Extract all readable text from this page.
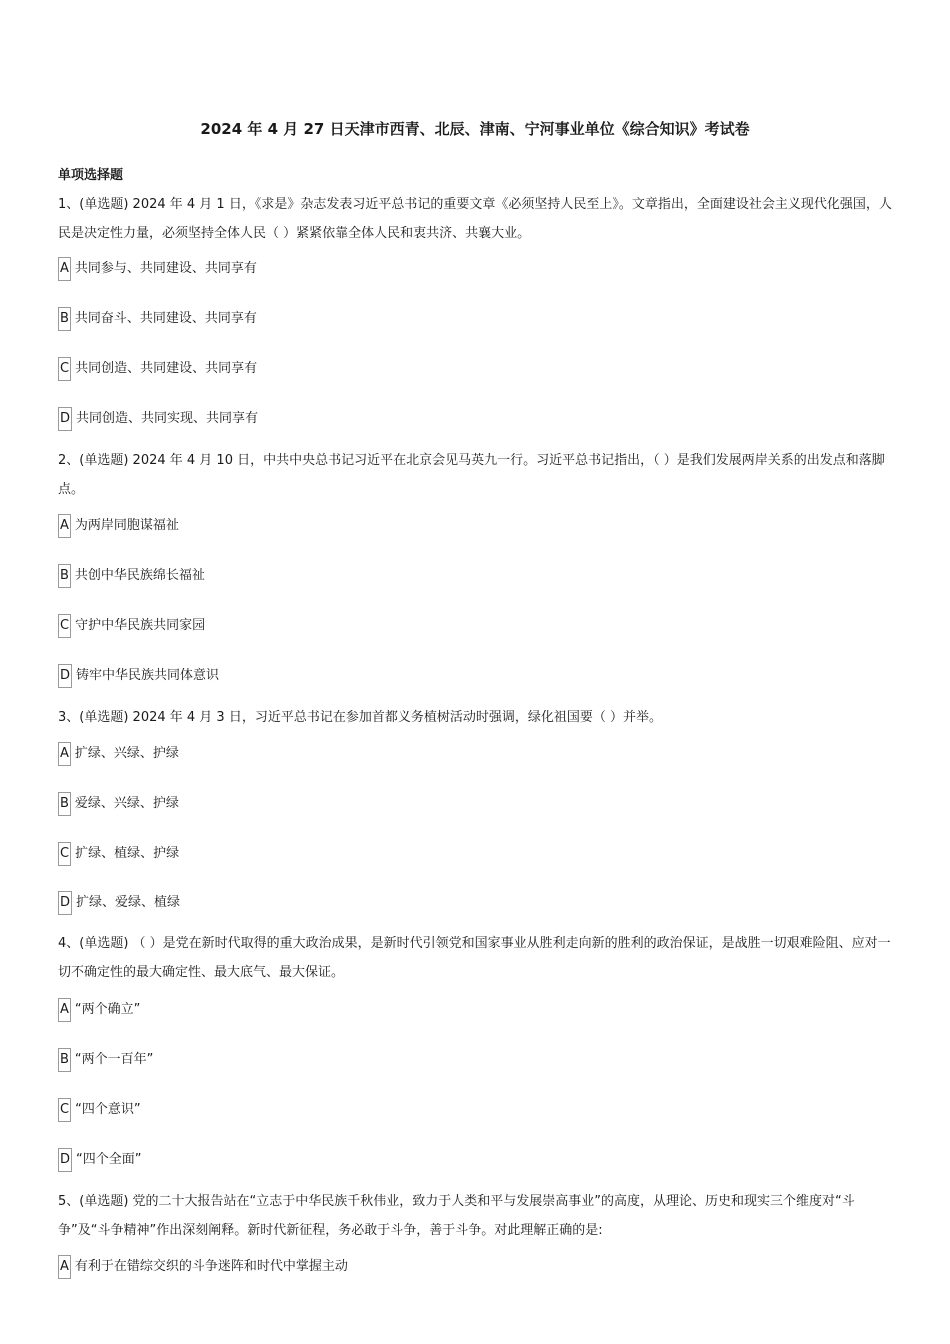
2024 年 4 月 27 日天津市西青、北辰、津南、宁河事业单位《综合知识》考试卷
单项选择题

1、(单选题) 2024 年 4 月 1 日，《求是》杂志发表习近平总书记的重要文章《必须坚持人民至上》。文章指出，全面建设社会主义现代化强国，人民是决定性力量，必须坚持全体人民（ ）紧紧依靠全体人民和衷共济、共襄大业。

A 共同参与、共同建设、共同享有
B 共同奋斗、共同建设、共同享有
C 共同创造、共同建设、共同享有
D 共同创造、共同实现、共同享有

2、(单选题) 2024 年 4 月 10 日，中共中央总书记习近平在北京会见马英九一行。习近平总书记指出，（ ）是我们发展两岸关系的出发点和落脚点。

A 为两岸同胞谋福祉
B 共创中华民族绵长福祉
C 守护中华民族共同家园
D 铸牢中华民族共同体意识

3、(单选题) 2024 年 4 月 3 日，习近平总书记在参加首都义务植树活动时强调，绿化祖国要（ ）并举。

A 扩绿、兴绿、护绿
B 爱绿、兴绿、护绿
C 扩绿、植绿、护绿
D 扩绿、爱绿、植绿

4、(单选题) （ ）是党在新时代取得的重大政治成果，是新时代引领党和国家事业从胜利走向新的胜利的政治保证，是战胜一切艰难险阻、应对一切不确定性的最大确定性、最大底气、最大保证。

A “两个确立”
B “两个一百年”
C “四个意识”
D “四个全面”

5、(单选题) 党的二十大报告站在“立志于中华民族千秋伟业，致力于人类和平与发展崇高事业”的高度，从理论、历史和现实三个维度对“斗争”及“斗争精神”作出深刻阐释。新时代新征程，务必敢于斗争，善于斗争。对此理解正确的是:

A 有利于在错综交织的斗争迷阵和时代中掌握主动
